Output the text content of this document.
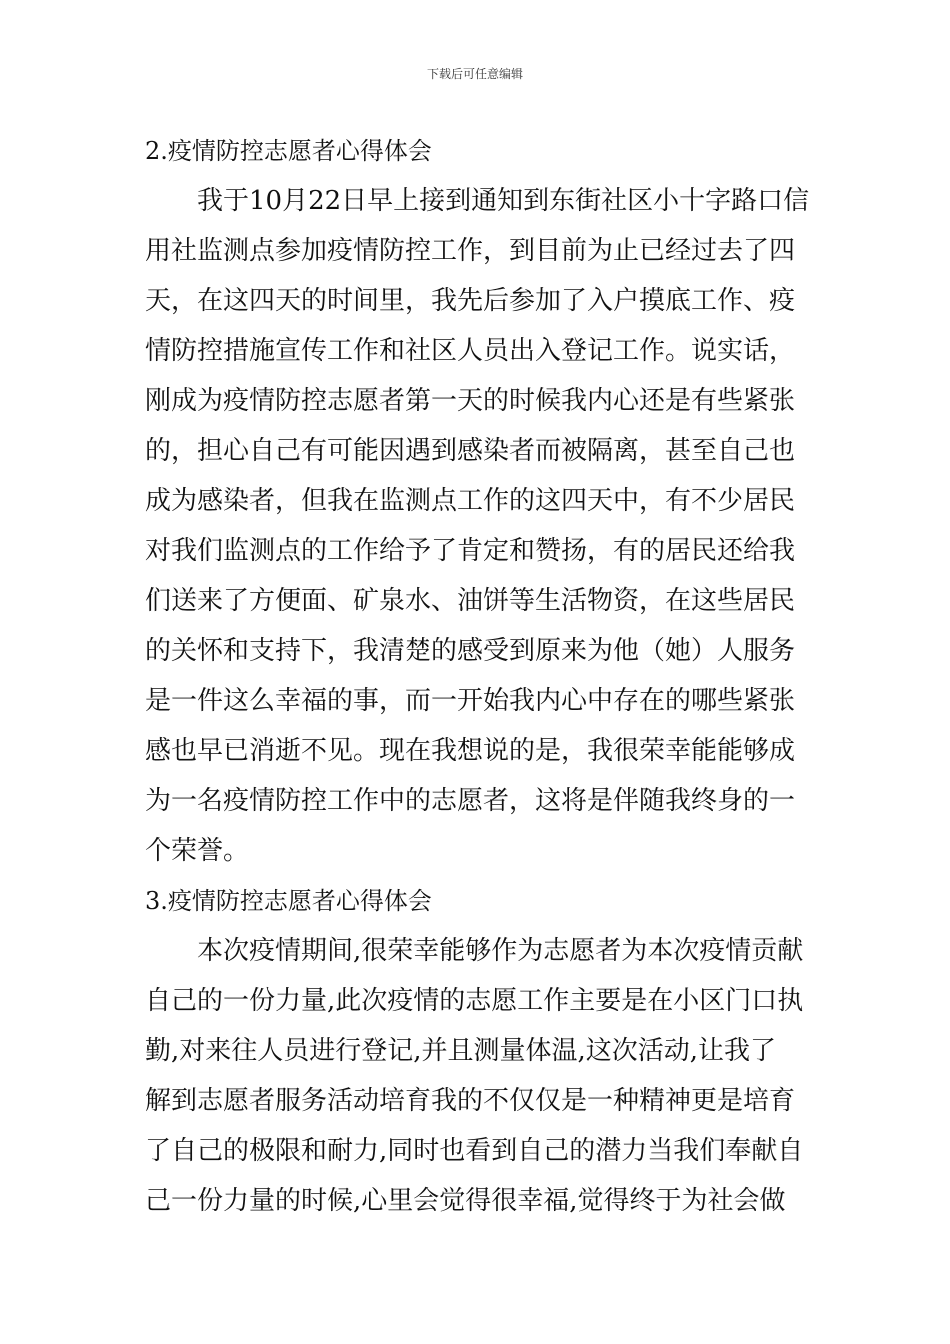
下载后可任意编辑
2.疫情防控志愿者心得体会

我于10月22日早上接到通知到东街社区小十字路口信
用社监测点参加疫情防控工作，到目前为止已经过去了四
天，在这四天的时间里，我先后参加了入户摸底工作、疫
情防控措施宣传工作和社区人员出入登记工作。说实话，
刚成为疫情防控志愿者第一天的时候我内心还是有些紧张
的，担心自己有可能因遇到感染者而被隔离，甚至自己也
成为感染者，但我在监测点工作的这四天中，有不少居民
对我们监测点的工作给予了肯定和赞扬，有的居民还给我
们送来了方便面、矿泉水、油饼等生活物资，在这些居民
的关怀和支持下，我清楚的感受到原来为他（她）人服务
是一件这么幸福的事，而一开始我内心中存在的哪些紧张
感也早已消逝不见。现在我想说的是，我很荣幸能能够成
为一名疫情防控工作中的志愿者，这将是伴随我终身的一
个荣誉。

3.疫情防控志愿者心得体会

本次疫情期间,很荣幸能够作为志愿者为本次疫情贡献
自己的一份力量,此次疫情的志愿工作主要是在小区门口执
勤,对来往人员进行登记,并且测量体温,这次活动,让我了
解到志愿者服务活动培育我的不仅仅是一种精神更是培育
了自己的极限和耐力,同时也看到自己的潜力当我们奉献自
己一份力量的时候,心里会觉得很幸福,觉得终于为社会做
